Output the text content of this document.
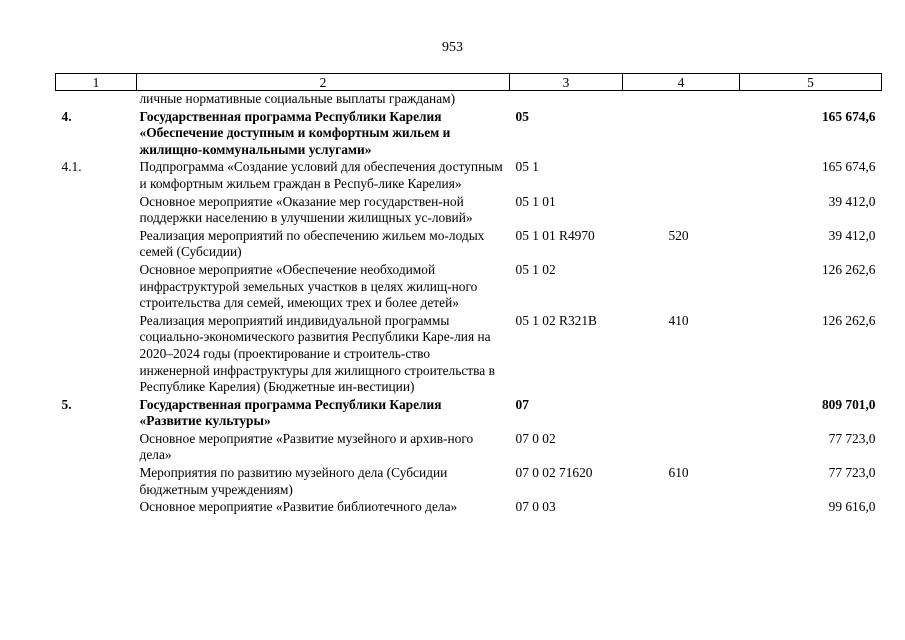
953
1	2	3	4	5
	личные нормативные социальные выплаты гражданам)			
4.	Государственная программа Республики Карелия «Обеспечение доступным и комфортным жильем и жилищно-коммунальными услугами»	05		165 674,6
4.1.	Подпрограмма «Создание условий для обеспечения доступным и комфортным жильем граждан в Респуб-лике Карелия»	05 1		165 674,6
	Основное мероприятие «Оказание мер государствен-ной поддержки населению в улучшении жилищных ус-ловий»	05 1 01		39 412,0
	Реализация мероприятий по обеспечению жильем мо-лодых семей (Субсидии)	05 1 01 R4970	520	39 412,0
	Основное мероприятие «Обеспечение необходимой инфраструктурой земельных участков в целях жилищ-ного строительства для семей, имеющих трех и более детей»	05 1 02		126 262,6
	Реализация мероприятий индивидуальной программы социально-экономического развития Республики Каре-лия на 2020–2024 годы (проектирование и строитель-ство инженерной инфраструктуры для жилищного строительства в Республике Карелия) (Бюджетные ин-вестиции)	05 1 02 R321В	410	126 262,6
5.	Государственная программа Республики Карелия «Развитие культуры»	07		809 701,0
	Основное мероприятие «Развитие музейного и архив-ного дела»	07 0 02		77 723,0
	Мероприятия по развитию музейного дела (Субсидии бюджетным учреждениям)	07 0 02 71620	610	77 723,0
	Основное мероприятие «Развитие библиотечного дела»	07 0 03		99 616,0
